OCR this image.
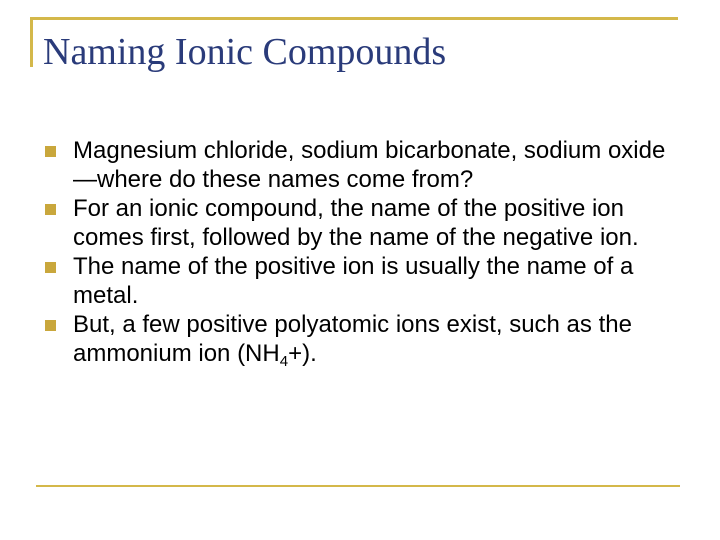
Naming Ionic Compounds
Magnesium chloride, sodium bicarbonate, sodium oxide—where do these names come from?
For an ionic compound, the name of the positive ion comes first, followed by the name of the negative ion.
The name of the positive ion is usually the name of a metal.
But, a few positive polyatomic ions exist, such as the ammonium ion $(NH_4+)$.
